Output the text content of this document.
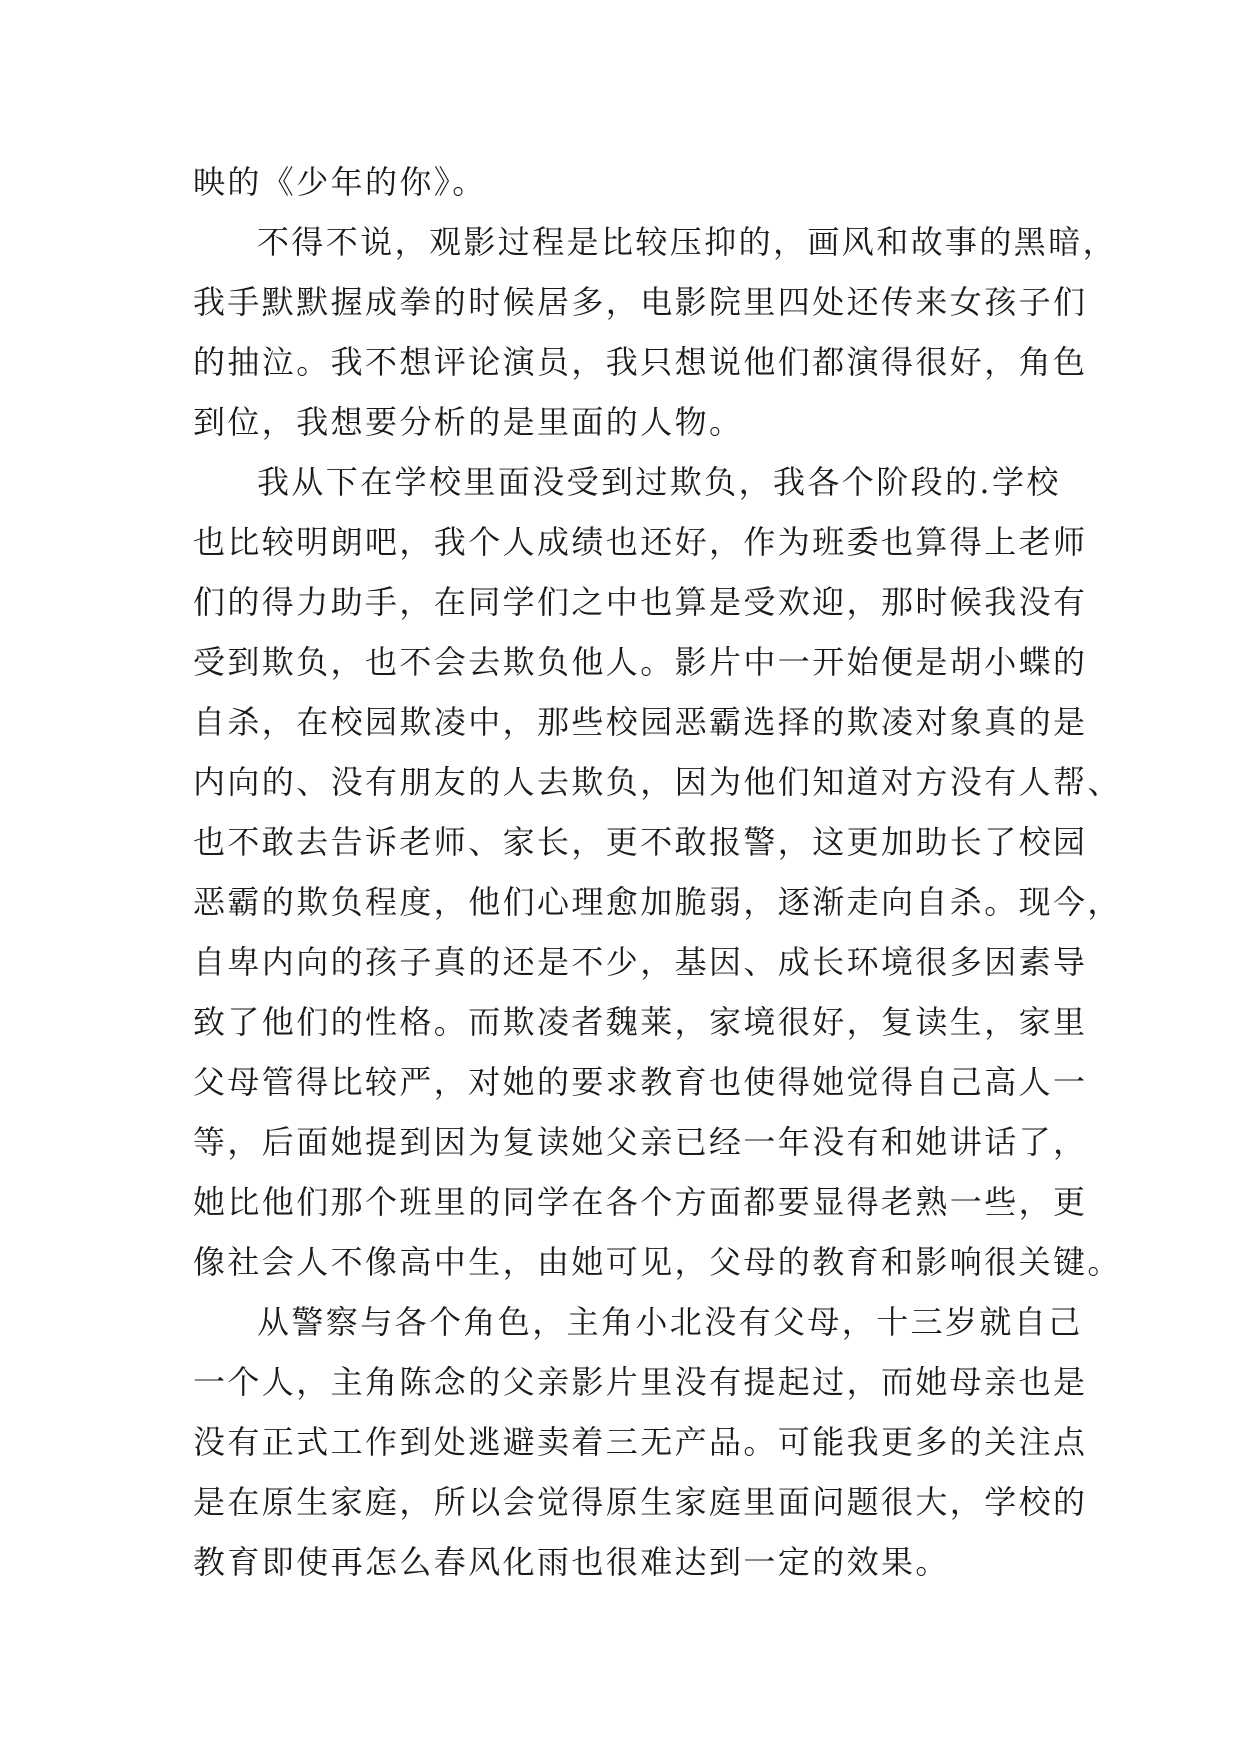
映的《少年的你》。
不得不说，观影过程是比较压抑的，画风和故事的黑暗，
我手默默握成拳的时候居多，电影院里四处还传来女孩子们
的抽泣。我不想评论演员，我只想说他们都演得很好，角色
到位，我想要分析的是里面的人物。
我从下在学校里面没受到过欺负，我各个阶段的.学校
也比较明朗吧，我个人成绩也还好，作为班委也算得上老师
们的得力助手，在同学们之中也算是受欢迎，那时候我没有
受到欺负，也不会去欺负他人。影片中一开始便是胡小蝶的
自杀，在校园欺凌中，那些校园恶霸选择的欺凌对象真的是
内向的、没有朋友的人去欺负，因为他们知道对方没有人帮、
也不敢去告诉老师、家长，更不敢报警，这更加助长了校园
恶霸的欺负程度，他们心理愈加脆弱，逐渐走向自杀。现今，
自卑内向的孩子真的还是不少，基因、成长环境很多因素导
致了他们的性格。而欺凌者魏莱，家境很好，复读生，家里
父母管得比较严，对她的要求教育也使得她觉得自己高人一
等，后面她提到因为复读她父亲已经一年没有和她讲话了，
她比他们那个班里的同学在各个方面都要显得老熟一些，更
像社会人不像高中生，由她可见，父母的教育和影响很关键。
从警察与各个角色，主角小北没有父母，十三岁就自己
一个人，主角陈念的父亲影片里没有提起过，而她母亲也是
没有正式工作到处逃避卖着三无产品。可能我更多的关注点
是在原生家庭，所以会觉得原生家庭里面问题很大，学校的
教育即使再怎么春风化雨也很难达到一定的效果。
